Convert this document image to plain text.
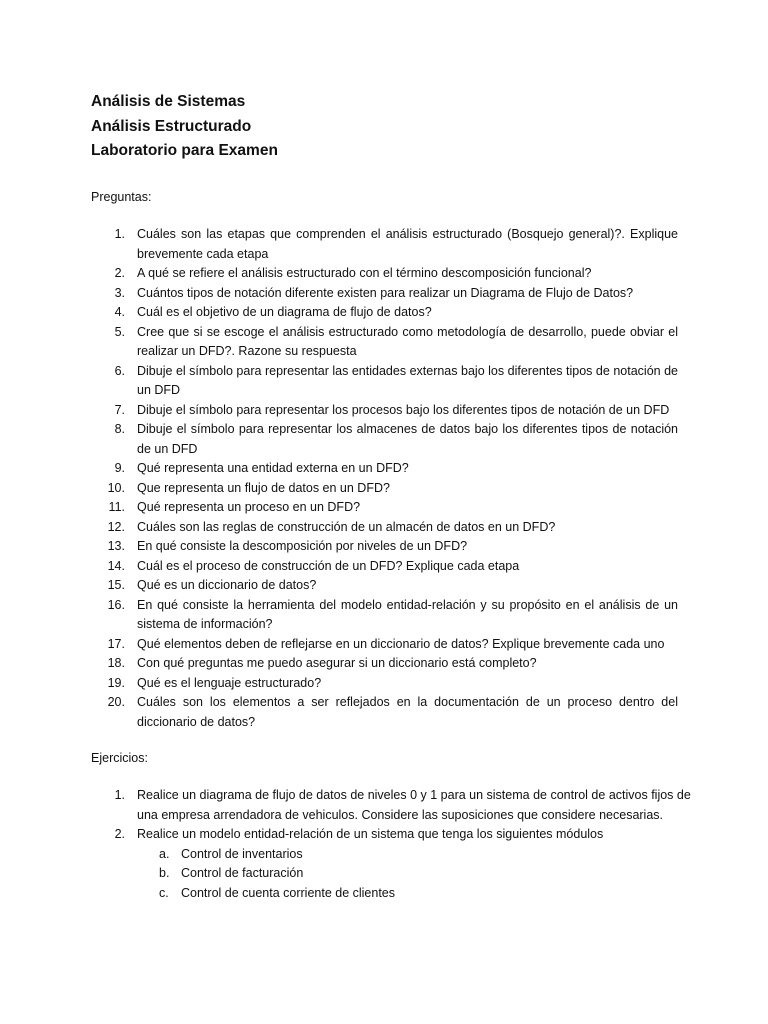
Análisis de Sistemas
Análisis Estructurado
Laboratorio para Examen
Preguntas:
1. Cuáles son las etapas que comprenden el análisis estructurado (Bosquejo general)?. Explique brevemente cada etapa
2. A qué se refiere el análisis estructurado con el término descomposición funcional?
3. Cuántos tipos de notación diferente existen para realizar un Diagrama de Flujo de Datos?
4. Cuál es el objetivo de un diagrama de flujo de datos?
5. Cree que si se escoge el análisis estructurado como metodología de desarrollo, puede obviar el realizar un DFD?. Razone su respuesta
6. Dibuje el símbolo para representar las entidades externas bajo los diferentes tipos de notación de un DFD
7. Dibuje el símbolo para representar los procesos bajo los diferentes tipos de notación de un DFD
8. Dibuje el símbolo para representar los almacenes de datos bajo los diferentes tipos de notación de un DFD
9. Qué representa una entidad externa en un DFD?
10. Que representa un flujo de datos en un DFD?
11. Qué representa un proceso en un DFD?
12. Cuáles son las reglas de construcción de un almacén de datos en un DFD?
13. En qué consiste la descomposición por niveles de un DFD?
14. Cuál es el proceso de construcción de un DFD? Explique cada etapa
15. Qué es un diccionario de datos?
16. En qué consiste la herramienta del modelo entidad-relación y su propósito en el análisis de un sistema de información?
17. Qué elementos deben de reflejarse en un diccionario de datos? Explique brevemente cada uno
18. Con qué preguntas me puedo asegurar si un diccionario está completo?
19. Qué es el lenguaje estructurado?
20. Cuáles son los elementos a ser reflejados en la documentación de un proceso dentro del diccionario de datos?
Ejercicios:
1. Realice un diagrama de flujo de datos de niveles 0 y 1 para un sistema de control de activos fijos de una empresa arrendadora de vehiculos. Considere las suposiciones que considere necesarias.
2. Realice un modelo entidad-relación de un sistema que tenga los siguientes módulos
a. Control de inventarios
b. Control de facturación
c. Control de cuenta corriente de clientes
